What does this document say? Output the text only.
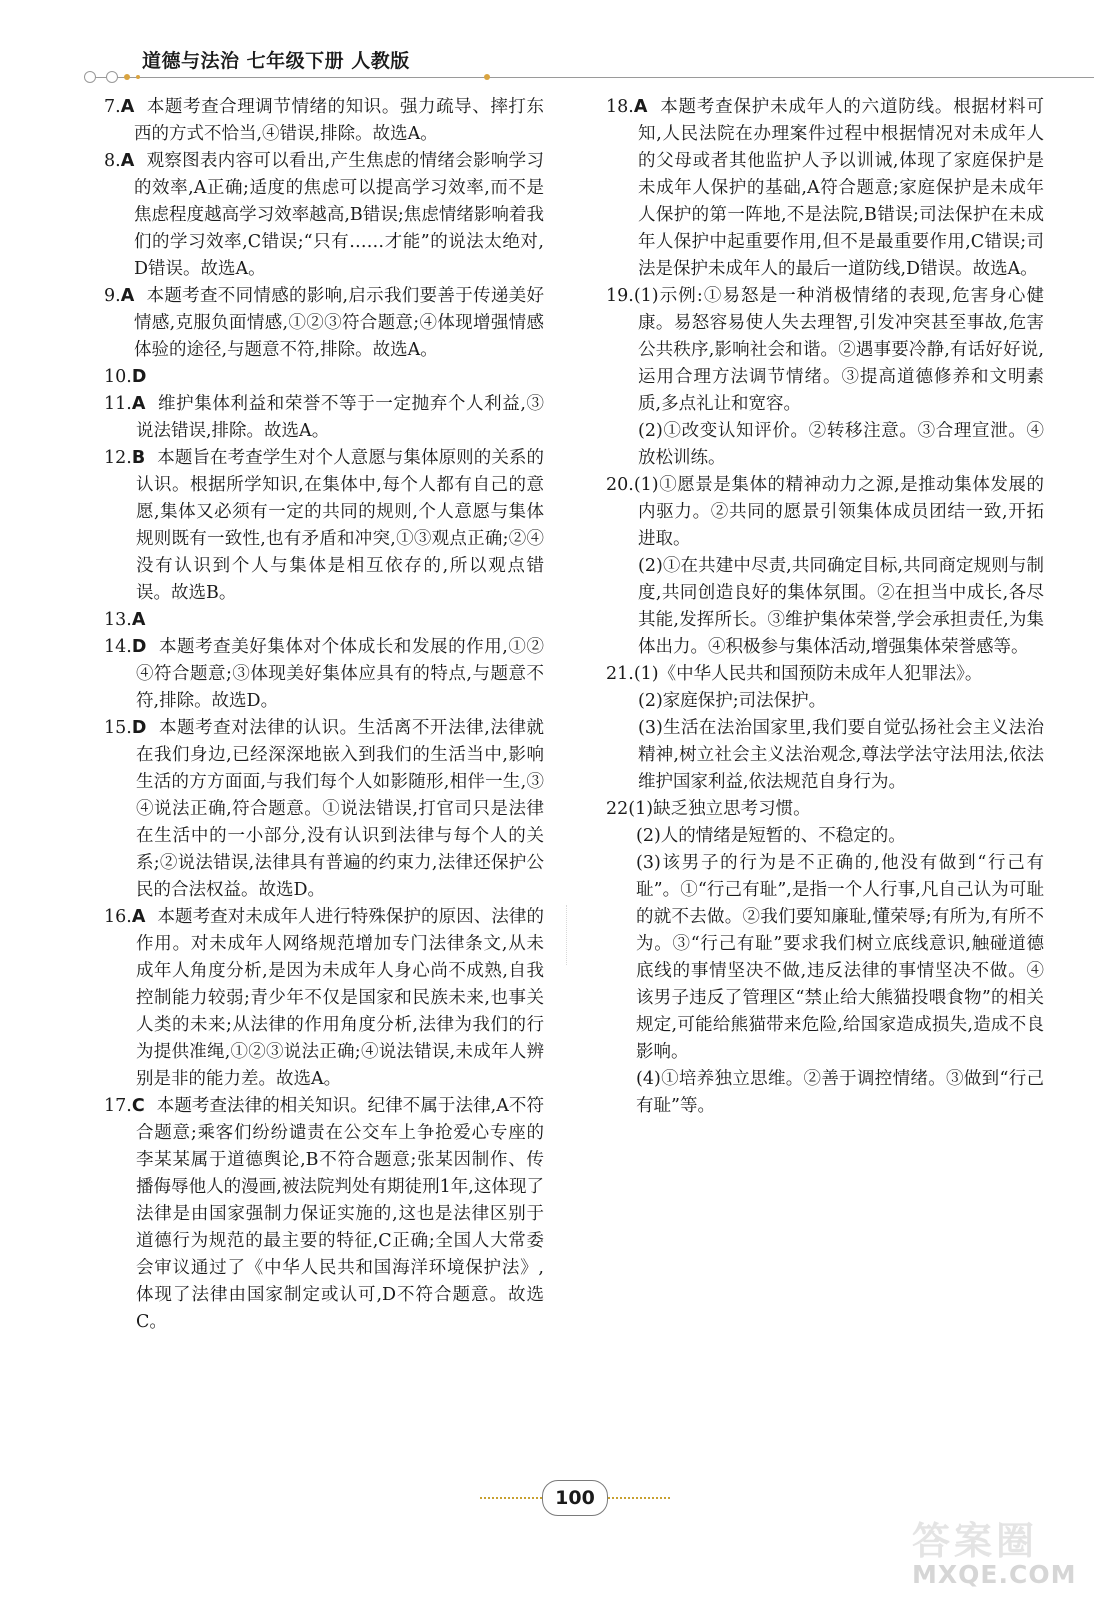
道德与法治 七年级下册 人教版

7.A 本题考查合理调节情绪的知识。强力疏导、摔打东西的方式不恰当,④错误,排除。故选A。

8.A 观察图表内容可以看出,产生焦虑的情绪会影响学习的效率,A正确;适度的焦虑可以提高学习效率,而不是焦虑程度越高学习效率越高,B错误;焦虑情绪影响着我们的学习效率,C错误;“只有……才能”的说法太绝对,D错误。故选A。

9.A 本题考查不同情感的影响,启示我们要善于传递美好情感,克服负面情感,①②③符合题意;④体现增强情感体验的途径,与题意不符,排除。故选A。

10.D

11.A 维护集体利益和荣誉不等于一定抛弃个人利益,③说法错误,排除。故选A。

12.B 本题旨在考查学生对个人意愿与集体原则的关系的认识。根据所学知识,在集体中,每个人都有自己的意愿,集体又必须有一定的共同的规则,个人意愿与集体规则既有一致性,也有矛盾和冲突,①③观点正确;②④没有认识到个人与集体是相互依存的,所以观点错误。故选B。

13.A

14.D 本题考查美好集体对个体成长和发展的作用,①②④符合题意;③体现美好集体应具有的特点,与题意不符,排除。故选D。

15.D 本题考查对法律的认识。生活离不开法律,法律就在我们身边,已经深深地嵌入到我们的生活当中,影响生活的方方面面,与我们每个人如影随形,相伴一生,③④说法正确,符合题意。①说法错误,打官司只是法律在生活中的一小部分,没有认识到法律与每个人的关系;②说法错误,法律具有普遍的约束力,法律还保护公民的合法权益。故选D。

16.A 本题考查对未成年人进行特殊保护的原因、法律的作用。对未成年人网络规范增加专门法律条文,从未成年人角度分析,是因为未成年人身心尚不成熟,自我控制能力较弱;青少年不仅是国家和民族未来,也事关人类的未来;从法律的作用角度分析,法律为我们的行为提供准绳,①②③说法正确;④说法错误,未成年人辨别是非的能力差。故选A。

17.C 本题考查法律的相关知识。纪律不属于法律,A不符合题意;乘客们纷纷谴责在公交车上争抢爱心专座的李某某属于道德舆论,B不符合题意;张某因制作、传播侮辱他人的漫画,被法院判处有期徒刑1年,这体现了法律是由国家强制力保证实施的,这也是法律区别于道德行为规范的最主要的特征,C正确;全国人大常委会审议通过了《中华人民共和国海洋环境保护法》,体现了法律由国家制定或认可,D不符合题意。故选C。

18.A 本题考查保护未成年人的六道防线。根据材料可知,人民法院在办理案件过程中根据情况对未成年人的父母或者其他监护人予以训诫,体现了家庭保护是未成年人保护的基础,A符合题意;家庭保护是未成年人保护的第一阵地,不是法院,B错误;司法保护在未成年人保护中起重要作用,但不是最重要作用,C错误;司法是保护未成年人的最后一道防线,D错误。故选A。

19.(1)示例:①易怒是一种消极情绪的表现,危害身心健康。易怒容易使人失去理智,引发冲突甚至事故,危害公共秩序,影响社会和谐。②遇事要冷静,有话好好说,运用合理方法调节情绪。③提高道德修养和文明素质,多点礼让和宽容。

(2)①改变认知评价。②转移注意。③合理宣泄。④放松训练。

20.(1)①愿景是集体的精神动力之源,是推动集体发展的内驱力。②共同的愿景引领集体成员团结一致,开拓进取。

(2)①在共建中尽责,共同确定目标,共同商定规则与制度,共同创造良好的集体氛围。②在担当中成长,各尽其能,发挥所长。③维护集体荣誉,学会承担责任,为集体出力。④积极参与集体活动,增强集体荣誉感等。

21.(1)《中华人民共和国预防未成年人犯罪法》。

(2)家庭保护;司法保护。

(3)生活在法治国家里,我们要自觉弘扬社会主义法治精神,树立社会主义法治观念,尊法学法守法用法,依法维护国家利益,依法规范自身行为。

22(1)缺乏独立思考习惯。

(2)人的情绪是短暂的、不稳定的。

(3)该男子的行为是不正确的,他没有做到“行己有耻”。①“行己有耻”,是指一个人行事,凡自己认为可耻的就不去做。②我们要知廉耻,懂荣辱;有所为,有所不为。③“行己有耻”要求我们树立底线意识,触碰道德底线的事情坚决不做,违反法律的事情坚决不做。④该男子违反了管理区“禁止给大熊猫投喂食物”的相关规定,可能给熊猫带来危险,给国家造成损失,造成不良影响。

(4)①培养独立思维。②善于调控情绪。③做到“行己有耻”等。

100
答案圈
MXQE.COM
